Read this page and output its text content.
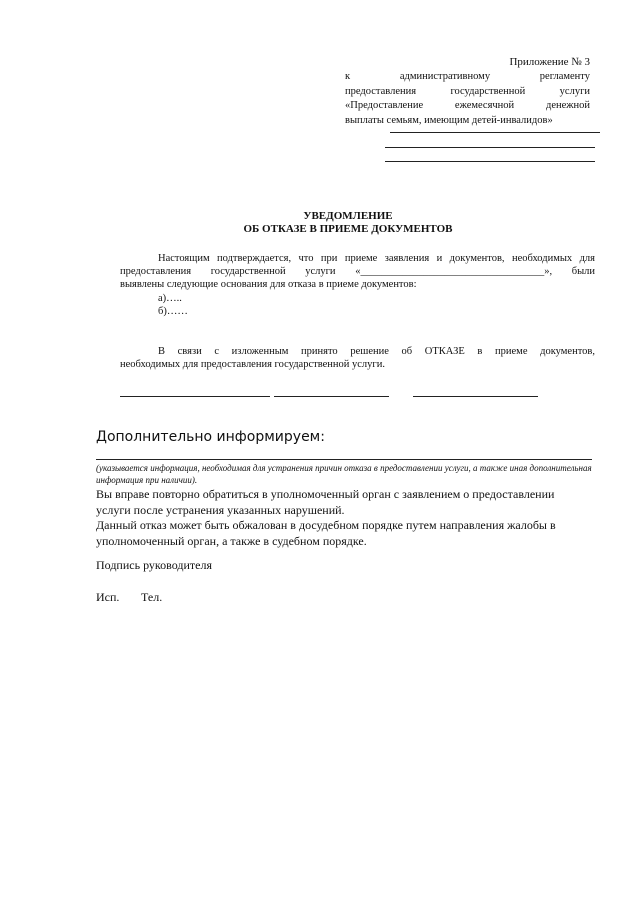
Приложение № 3
к административному регламенту
предоставления государственной услуги
«Предоставление ежемесячной денежной
выплаты семьям, имеющим детей-инвалидов»
УВЕДОМЛЕНИЕ
ОБ ОТКАЗЕ В ПРИЕМЕ ДОКУМЕНТОВ
Настоящим подтверждается, что при приеме заявления и документов, необходимых для
предоставления государственной услуги «___________________________________», были
выявлены следующие основания для отказа в приеме документов:
а)…..
б)……
В связи с изложенным принято решение об ОТКАЗЕ в приеме документов,
необходимых для предоставления государственной услуги.
Дополнительно информируем:
(указывается информация, необходимая для устранения причин отказа в предоставлении услуги, а также иная дополнительная информация при наличии).
Вы вправе повторно обратиться в уполномоченный орган с заявлением о предоставлении услуги после устранения указанных нарушений.
Данный отказ может быть обжалован в досудебном порядке путем направления жалобы в уполномоченный орган, а также в судебном порядке.
Подпись руководителя
Исп. Тел.
